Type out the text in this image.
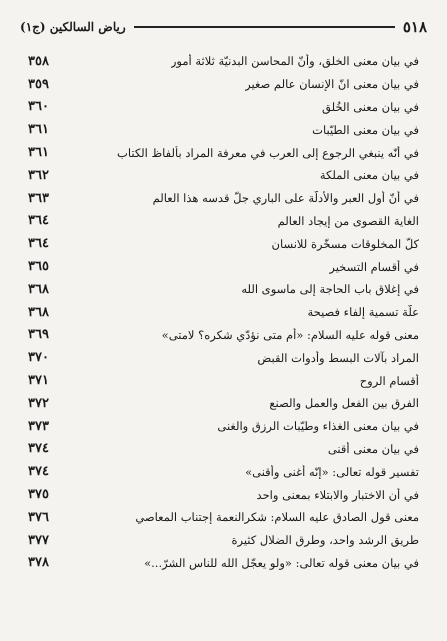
٥١٨
رياض السالكين (ج١)
في بيان معنى الخلق، وأنّ المحاسن البدنيّة ثلاثة أُمور
٣٥٨
في بيان معنى انّ الإنسان عالم صغير
٣٥٩
في بيان معنى الخُلق
٣٦٠
في بيان معنى الطيّبات
٣٦١
في أنّه ينبغي الرجوع إلى العرب في معرفة المراد بألفاظ الكتاب
٣٦١
في بيان معنى الملكة
٣٦٢
في أنّ أول العبر والأدلّة على الباري جلّ قدسه هذا العالم
٣٦٣
الغاية القصوى من إيجاد العالم
٣٦٤
كلّ المخلوقات مسخّرة للانسان
٣٦٤
في أقسام التسخير
٣٦٥
في إغلاق باب الحاجة إلى ماسوى الله
٣٦٨
علّة تسمية إلفاء فصيحة
٣٦٨
معنى قوله عليه السلام: «أم متى نؤدّي شكره؟ لامتى»
٣٦٩
المراد بآلات البسط وأدوات القبض
٣٧٠
أقسام الروح
٣٧١
الفرق بين الفعل والعمل والصنع
٣٧٢
في بيان معنى الغذاء وطيّبات الرزق والغنى
٣٧٣
في بيان معنى أقنى
٣٧٤
تفسير قوله تعالى: «إنّه أغنى وأقنى»
٣٧٤
في أن الاختبار والابتلاء بمعنى واحد
٣٧٥
معنى قول الصادق عليه السلام: شكرالنعمة إجتناب المعاصي
٣٧٦
طريق الرشد واحد، وطرق الضلال كثيرة
٣٧٧
في بيان معنى قوله تعالى: «ولو يعجّل الله للناس الشرّ...»
٣٧٨
